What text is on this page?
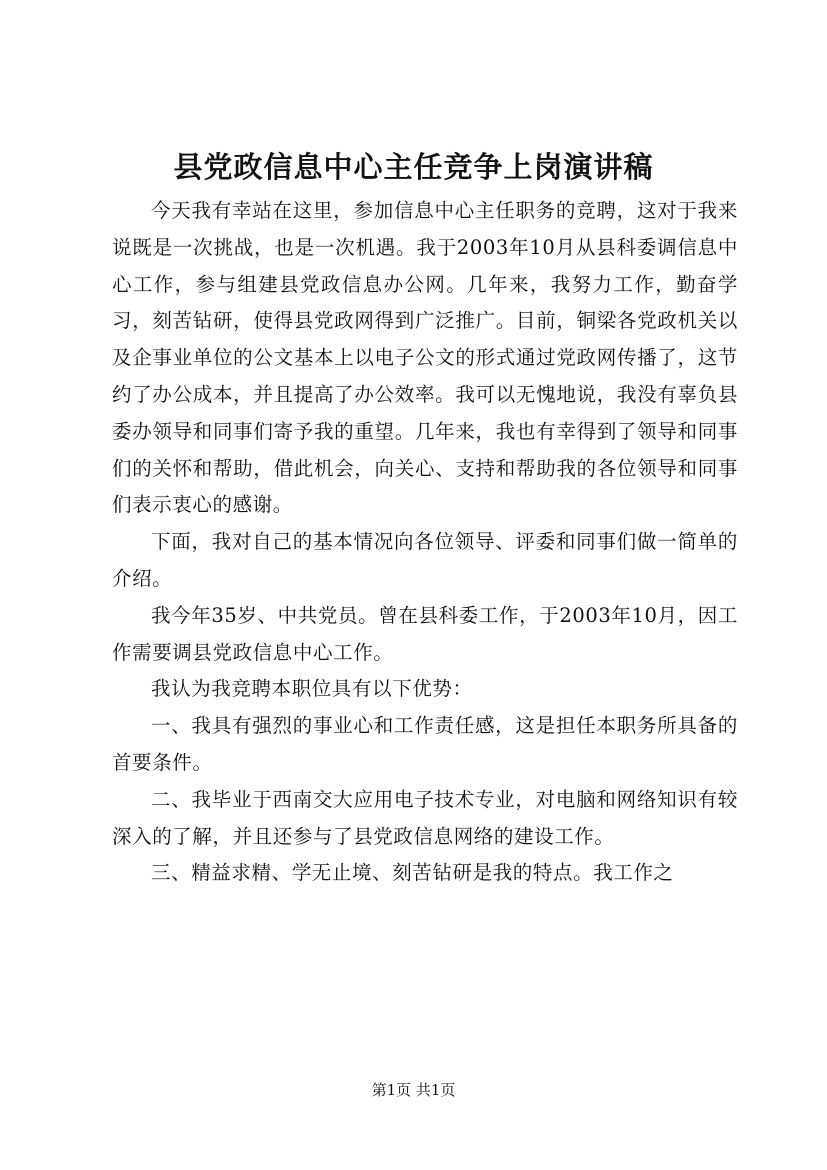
县党政信息中心主任竞争上岗演讲稿

今天我有幸站在这里，参加信息中心主任职务的竞聘，这对于我来说既是一次挑战，也是一次机遇。我于2003年10月从县科委调信息中心工作，参与组建县党政信息办公网。几年来，我努力工作，勤奋学习，刻苦钻研，使得县党政网得到广泛推广。目前，铜梁各党政机关以及企事业单位的公文基本上以电子公文的形式通过党政网传播了，这节约了办公成本，并且提高了办公效率。我可以无愧地说，我没有辜负县委办领导和同事们寄予我的重望。几年来，我也有幸得到了领导和同事们的关怀和帮助，借此机会，向关心、支持和帮助我的各位领导和同事们表示衷心的感谢。

下面，我对自己的基本情况向各位领导、评委和同事们做一简单的介绍。

我今年35岁、中共党员。曾在县科委工作，于2003年10月，因工作需要调县党政信息中心工作。

我认为我竞聘本职位具有以下优势：

一、我具有强烈的事业心和工作责任感，这是担任本职务所具备的首要条件。

二、我毕业于西南交大应用电子技术专业，对电脑和网络知识有较深入的了解，并且还参与了县党政信息网络的建设工作。

三、精益求精、学无止境、刻苦钻研是我的特点。我工作之

第1页 共1页
